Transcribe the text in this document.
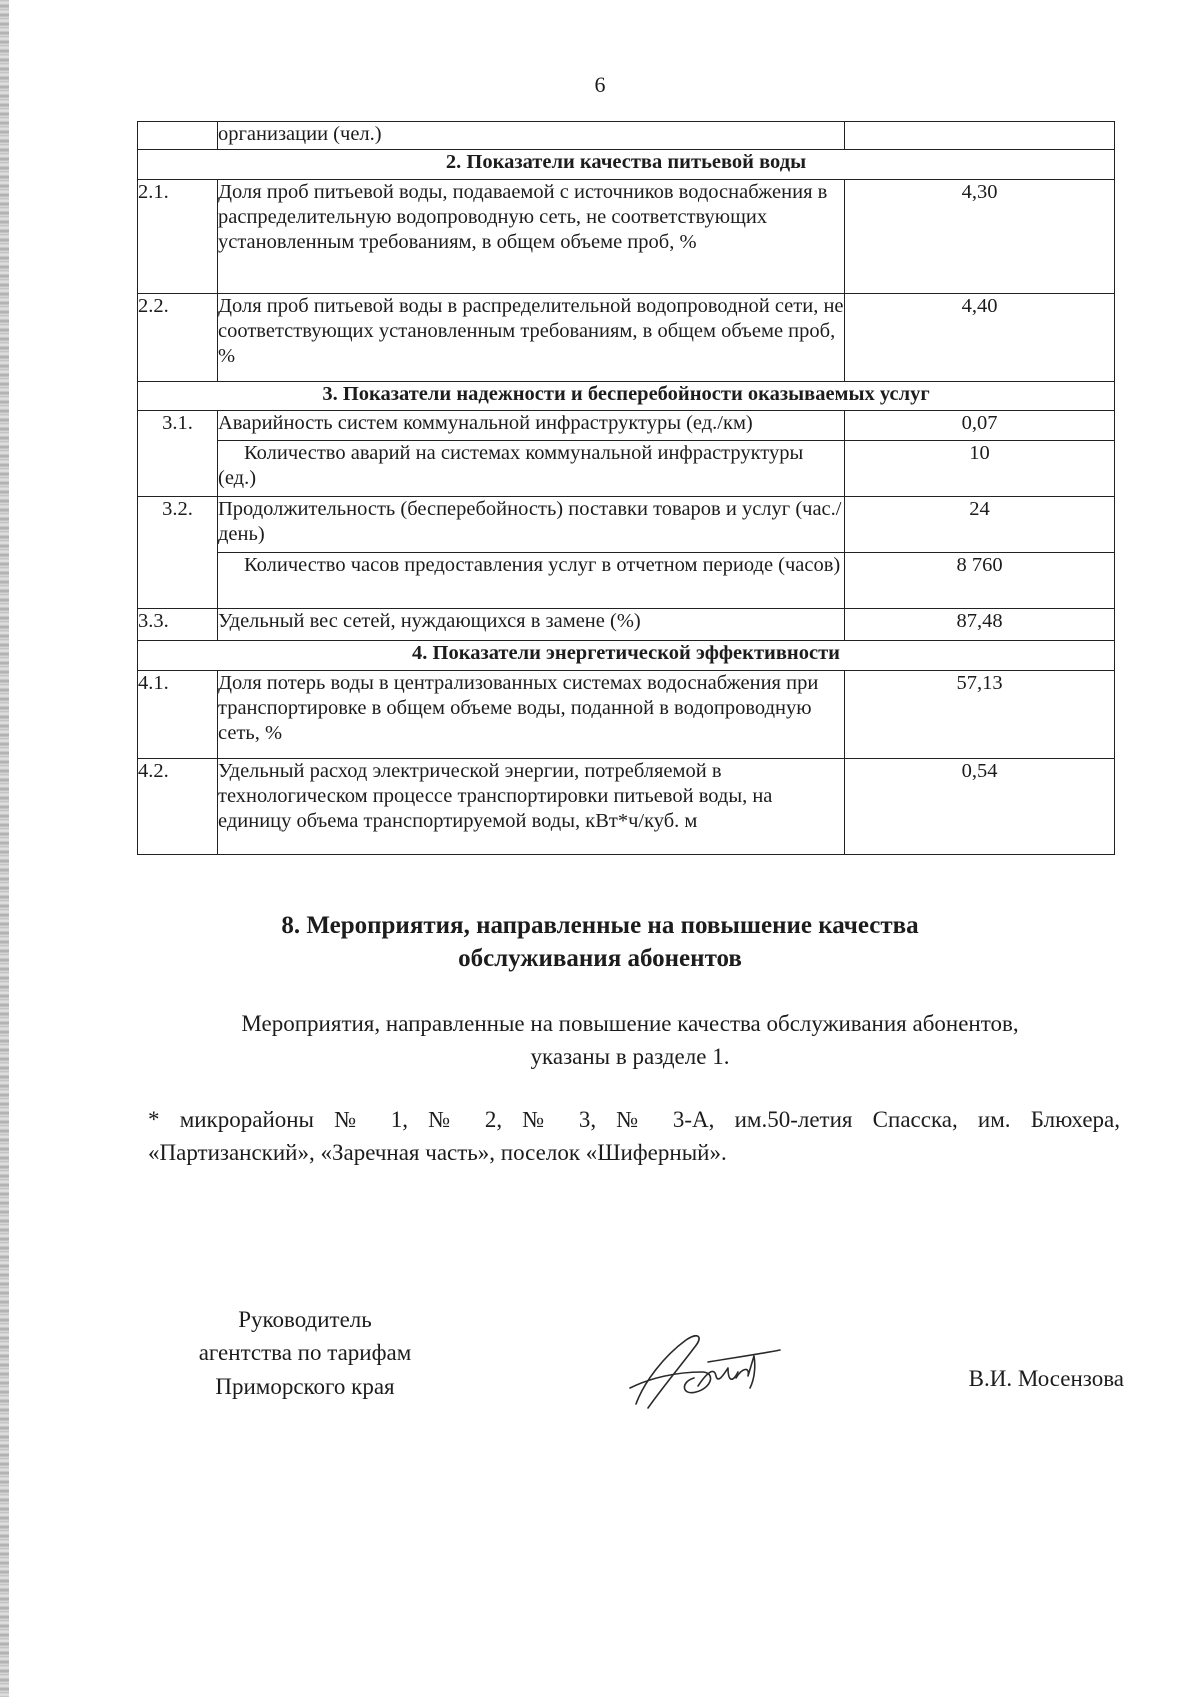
6
	организации (чел.)	
2. Показатели качества питьевой воды		
2.1.	Доля проб питьевой воды, подаваемой с источников водоснабжения в распределительную водопроводную сеть, не соответствующих установленным требованиям, в общем объеме проб, %	4,30
2.2.	Доля проб питьевой воды в распределительной водопроводной сети, не соответствующих установленным требованиям, в общем объеме проб, %	4,40
3. Показатели надежности и бесперебойности оказываемых услуг		
3.1.	Аварийность систем коммунальной инфраструктуры (ед./км)	0,07
	Количество аварий на системах коммунальной инфраструктуры (ед.)	10
3.2.	Продолжительность (бесперебойность) поставки товаров и услуг (час./день)	24
	Количество часов предоставления услуг в отчетном периоде (часов)	8 760
3.3.	Удельный вес сетей, нуждающихся в замене (%)	87,48
4. Показатели энергетической эффективности		
4.1.	Доля потерь воды в централизованных системах водоснабжения при транспортировке в общем объеме воды, поданной в водопроводную сеть, %	57,13
4.2.	Удельный расход электрической энергии, потребляемой в технологическом процессе транспортировки питьевой воды, на единицу объема транспортируемой воды, кВт*ч/куб. м	0,54
8. Мероприятия, направленные на повышение качества
обслуживания абонентов
Мероприятия, направленные на повышение качества обслуживания абонентов,
указаны в разделе 1.
* микрорайоны № 1, № 2, № 3, № 3-А, им.50-летия Спасска, им. Блюхера,
«Партизанский», «Заречная часть», поселок «Шиферный».
Руководитель
агентства по тарифам
Приморского края	В.И. Мосензова
